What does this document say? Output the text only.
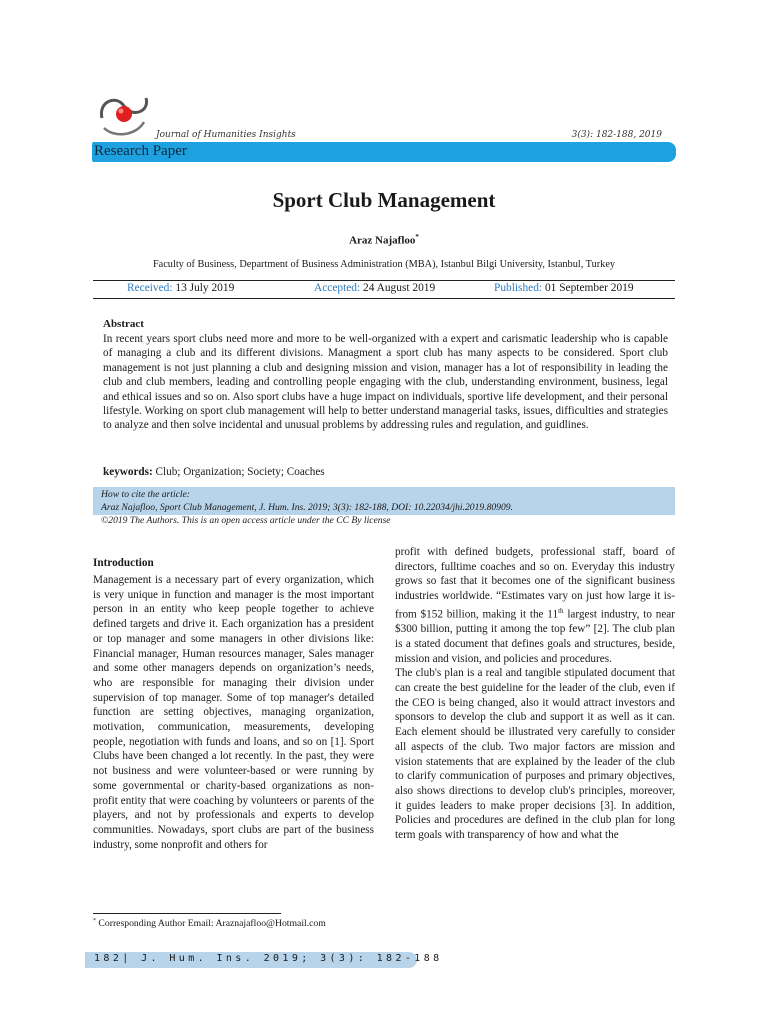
Journal of Humanities Insights	3(3): 182-188, 2019
Research Paper
Sport Club Management
Araz Najafloo*
Faculty of Business, Department of Business Administration (MBA), Istanbul Bilgi University, Istanbul, Turkey
Received: 13 July 2019	Accepted: 24 August 2019	Published: 01 September 2019
Abstract
In recent years sport clubs need more and more to be well-organized with a expert and carismatic leadership who is capable of managing a club and its different divisions. Managment a sport club has many aspects to be considered. Sport club management is not just planning a club and designing mission and vision, manager has a lot of responsibility in leading the club and club members, leading and controlling people engaging with the club, understanding environment, business, legal and ethical issues and so on. Also sport clubs have a huge impact on individuals, sportive life development, and their personal lifestyle. Working on sport club management will help to better understand managerial tasks, issues, difficulties and strategies to analyze and then solve incidental and unusual problems by addressing rules and regulation, and guidlines.
keywords: Club; Organization; Society; Coaches
How to cite the article:
Araz Najafloo, Sport Club Management, J. Hum. Ins. 2019; 3(3): 182-188, DOI: 10.22034/jhi.2019.80909.
©2019 The Authors. This is an open access article under the CC By license
Introduction
Management is a necessary part of every organization, which is very unique in function and manager is the most important person in an entity who keep people together to achieve defined targets and drive it. Each organization has a president or top manager and some managers in other divisions like: Financial manager, Human resources manager, Sales manager and some other managers depends on organization’s needs, who are responsible for managing their division under supervision of top manager. Some of top manager's detailed function are setting objectives, managing organization, motivation, communication, measurements, developing people, negotiation with funds and loans, and so on [1]. Sport Clubs have been changed a lot recently. In the past, they were not business and were volunteer-based or were running by some governmental or charity-based organizations as non-profit entity that were coaching by volunteers or parents of the players, and not by professionals and experts to develop communities. Nowadays, sport clubs are part of the business industry, some nonprofit and others for
profit with defined budgets, professional staff, board of directors, fulltime coaches and so on. Everyday this industry grows so fast that it becomes one of the significant business industries worldwide. “Estimates vary on just how large it is-from $152 billion, making it the 11th largest industry, to near $300 billion, putting it among the top few” [2]. The club plan is a stated document that defines goals and structures, beside, mission and vision, and policies and procedures.
The club's plan is a real and tangible stipulated document that can create the best guideline for the leader of the club, even if the CEO is being changed, also it would attract investors and sponsors to develop the club and support it as well as it can. Each element should be illustrated very carefully to consider all aspects of the club. Two major factors are mission and vision statements that are explained by the leader of the club to clarify communication of purposes and primary objectives, also shows directions to develop club's principles, moreover, it guides leaders to make proper decisions [3]. In addition, Policies and procedures are defined in the club plan for long term goals with transparency of how and what the
* Corresponding Author Email: Araznajafloo@Hotmail.com
182| J. Hum. Ins. 2019; 3(3): 182-188
